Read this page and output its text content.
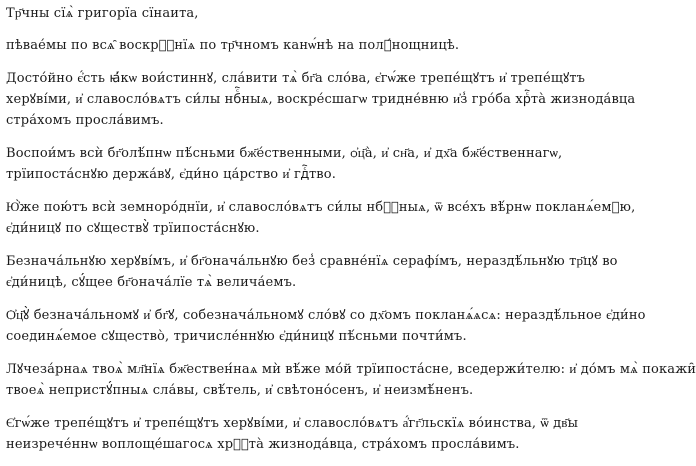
Тр҃чны сїѧ̀ григорїа сїнаита,
пѣвае́мы по всѧ̑ воскрⷭ҇нїѧ по тр҃чномъ канѡ́нѣ на полꙋ́нощницѣ.
Досто́йно є҆́сть ꙗ҆́кѡ вои́стиннꙋ, сла́вити тѧ̀ бг҃а сло́ва, є҆гѡ́же трепе́щꙋтъ и҆ трепе́щꙋтъ
херꙋві́ми, и҆ славосло́вѧтъ си́лы нбⷭ҇ныѧ, воскре́сшагѡ тридне́вню и҆з̾ гро́ба хрⷭ҇та̀ жизнода́вца
стра́хомъ просла́вимъ.
Воспои́мъ всѝ бг҃олѣ́пнѡ пѣ́сньми бж҃е́ственными, ѻ҆ц҃а̀, и҆ сн҃а, и҆ дх҃а бж҃е́ственнагѡ,
трїипоста́снꙋю держа́вꙋ, є҆ди́но ца́рство и҆ гдⷭ҇тво.
Ю҆̀же пою́тъ всѝ земноро́днїи, и҆ славосло́вѧтъ си́лы нбⷭ҇ныѧ, ѿ все́хъ вѣ́рнѡ покланѧ́емꙋю,
є҆ди́ницꙋ по сꙋществꙋ̀ трїипоста́снꙋю.
Безнача́льнꙋю херꙋві́мъ, и҆ бг҃онача́льнꙋю без̾ сравне́нїѧ серафі́мъ, нераздѣ́льнꙋю тр҃цꙋ во
є҆ди́ницѣ, сꙋ́щее бг҃онача́лїе тѧ̀ велича́емъ.
Ѻ҆ц҃ꙋ̀ безнача́льномꙋ и҆ бг҃ꙋ, собезнача́льномꙋ сло́вꙋ со дх҃омъ покланѧ́ѧсѧ: нераздѣ́льное є҆ди́но
соединѧ́емое сꙋщество̀, тричисле́ннꙋю є҆ди́ницꙋ пѣ́сньми почти́мъ.
Лꙋчеза́рнаѧ твоѧ̀ мл҃нїѧ бж҃ествен́наѧ мѝ вѣ́же мо́й трїипоста́сне, вседержи́телю: и҆ до́мъ мѧ̀ покажи̑
твоеѧ̀ непристꙋ́пныѧ сла́вы, свѣ́тель, и҆ свѣтоно́сенъ, и҆ неизмѣ́ненъ.
Є҆гѡ́же трепе́щꙋтъ и҆ трепе́щꙋтъ херꙋві́ми, и҆ славосло́вѧтъ а҆́гг҃льскїѧ во́инства, ѿ дв҃ы
неизрече́ннѡ воплоще́шагосѧ хрⷭ҇та̀ жизнода́вца, стра́хомъ просла́вимъ.
